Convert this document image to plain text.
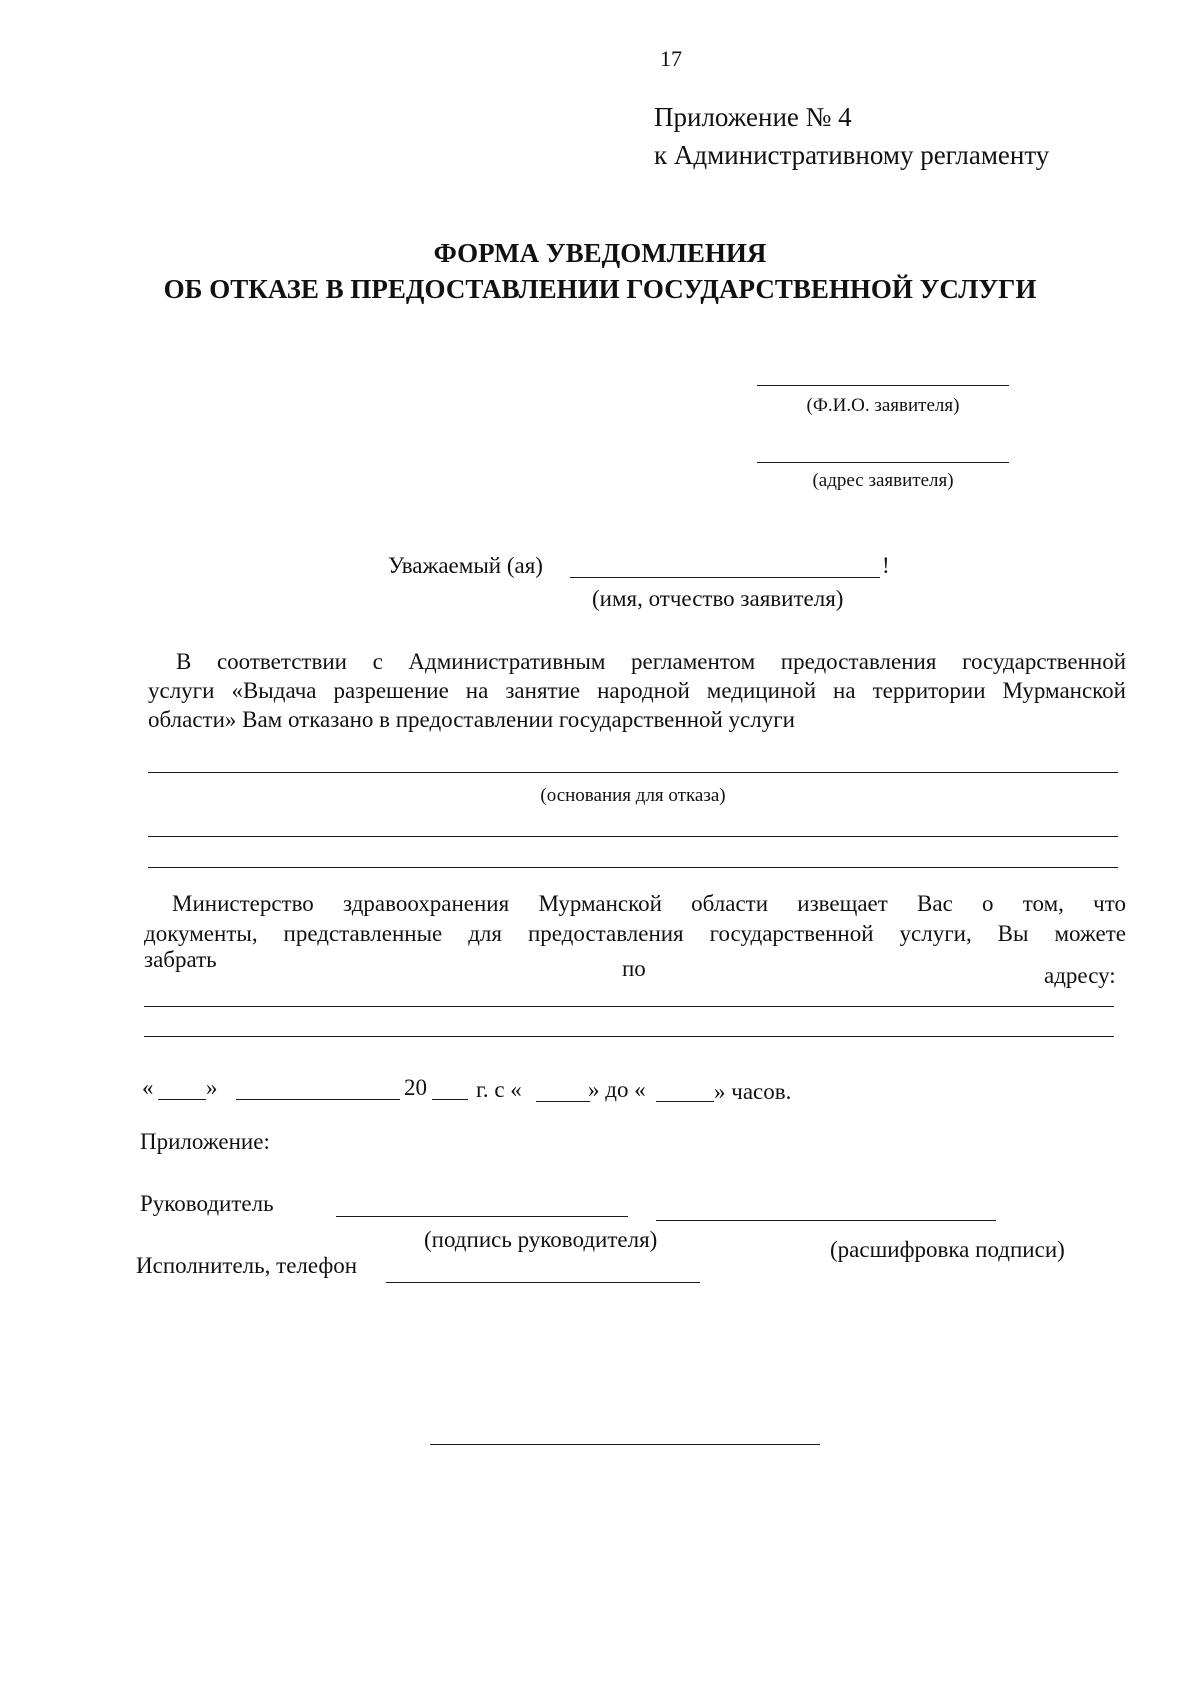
17
Приложение № 4
к Административному регламенту
ФОРМА УВЕДОМЛЕНИЯ
ОБ ОТКАЗЕ В ПРЕДОСТАВЛЕНИИ ГОСУДАРСТВЕННОЙ УСЛУГИ
(Ф.И.О. заявителя)
(адрес заявителя)
Уважаемый (ая)	!
(имя, отчество заявителя)
В соответствии с Административным регламентом предоставления государственной
услуги «Выдача разрешение на занятие народной медициной на территории Мурманской
области» Вам отказано в предоставлении государственной услуги
(основания для отказа)
Министерство здравоохранения Мурманской области извещает Вас о том, что
документы, представленные для предоставления государственной услуги, Вы можете
забрать	по	адресу:
« »	20 г. с «	» до «	» часов.
Приложение:
Руководитель
(подпись руководителя)	(расшифровка подписи)
Исполнитель, телефон
